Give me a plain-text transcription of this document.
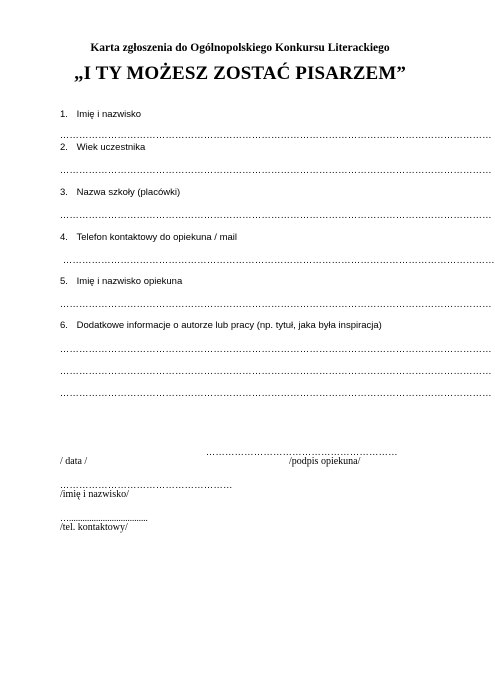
Karta zgłoszenia do Ogólnopolskiego Konkursu Literackiego
„I TY MOŻESZ ZOSTAĆ PISARZEM”
1. Imię i nazwisko
………………………………………………………………………………………………………………………
2. Wiek uczestnika
………………………………………………………………………………………………………………………
3. Nazwa szkoły (placówki)
………………………………………………………………………………………………………………………
4. Telefon kontaktowy do opiekuna / mail
………………………………………………………………………………………………………………………
5. Imię i nazwisko opiekuna
………………………………………………………………………………………………………………………
6. Dodatkowe informacje o autorze lub pracy (np. tytuł, jaka była inspiracja)
………………………………………………………………………………………………………………………
………………………………………………………………………………………………………………………
………………………………………………………………………………………………………………………
……………………………………………………
/ data /	/podpis opiekuna/
………………………………………………
/imię i nazwisko/
…...................................
/tel. kontaktowy/
